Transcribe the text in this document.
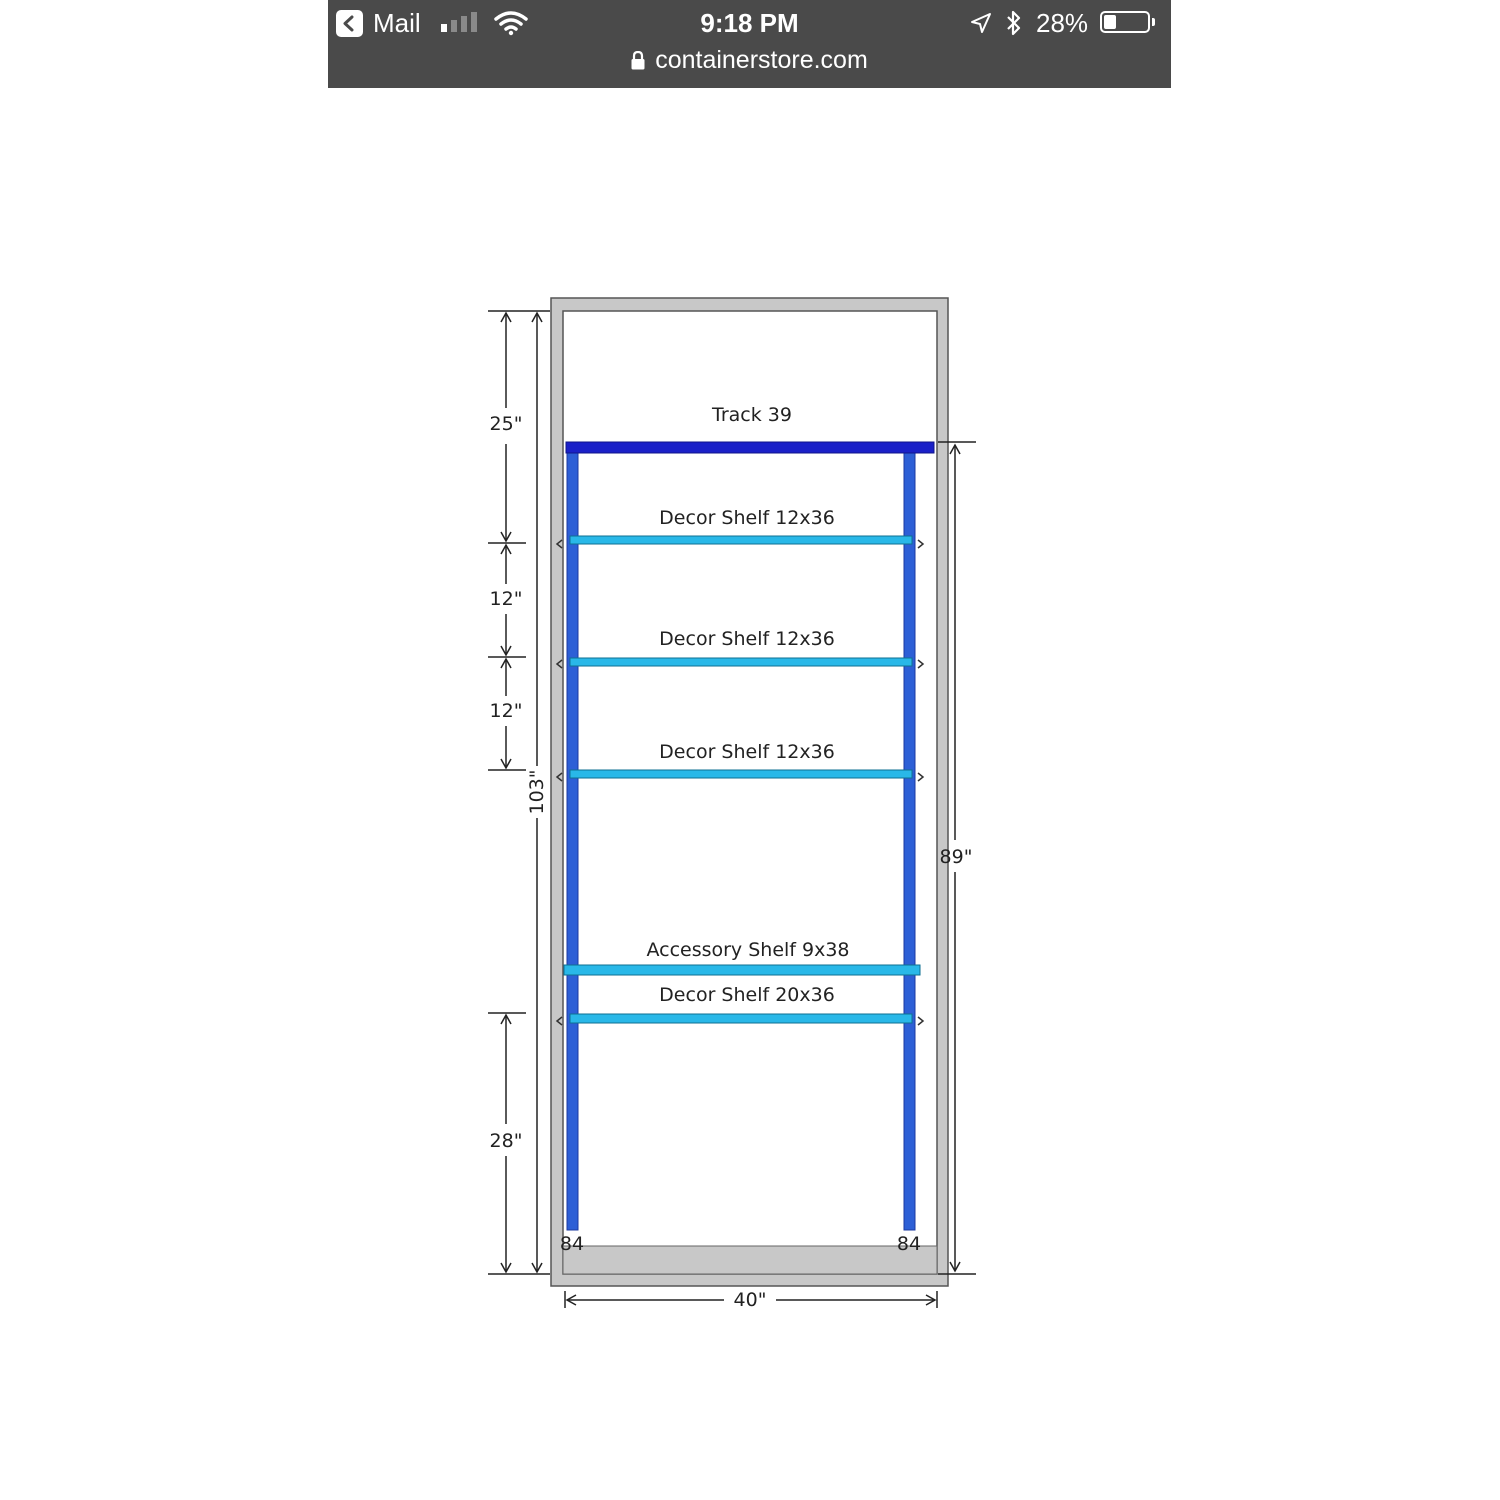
Mail	9:18 PM	28%
containerstore.com
Track 39
Decor Shelf 12x36
Decor Shelf 12x36
Decor Shelf 12x36
Accessory Shelf 9x38
Decor Shelf 20x36
25"
12"
12"
28"
103"
89"
40"
84	84
